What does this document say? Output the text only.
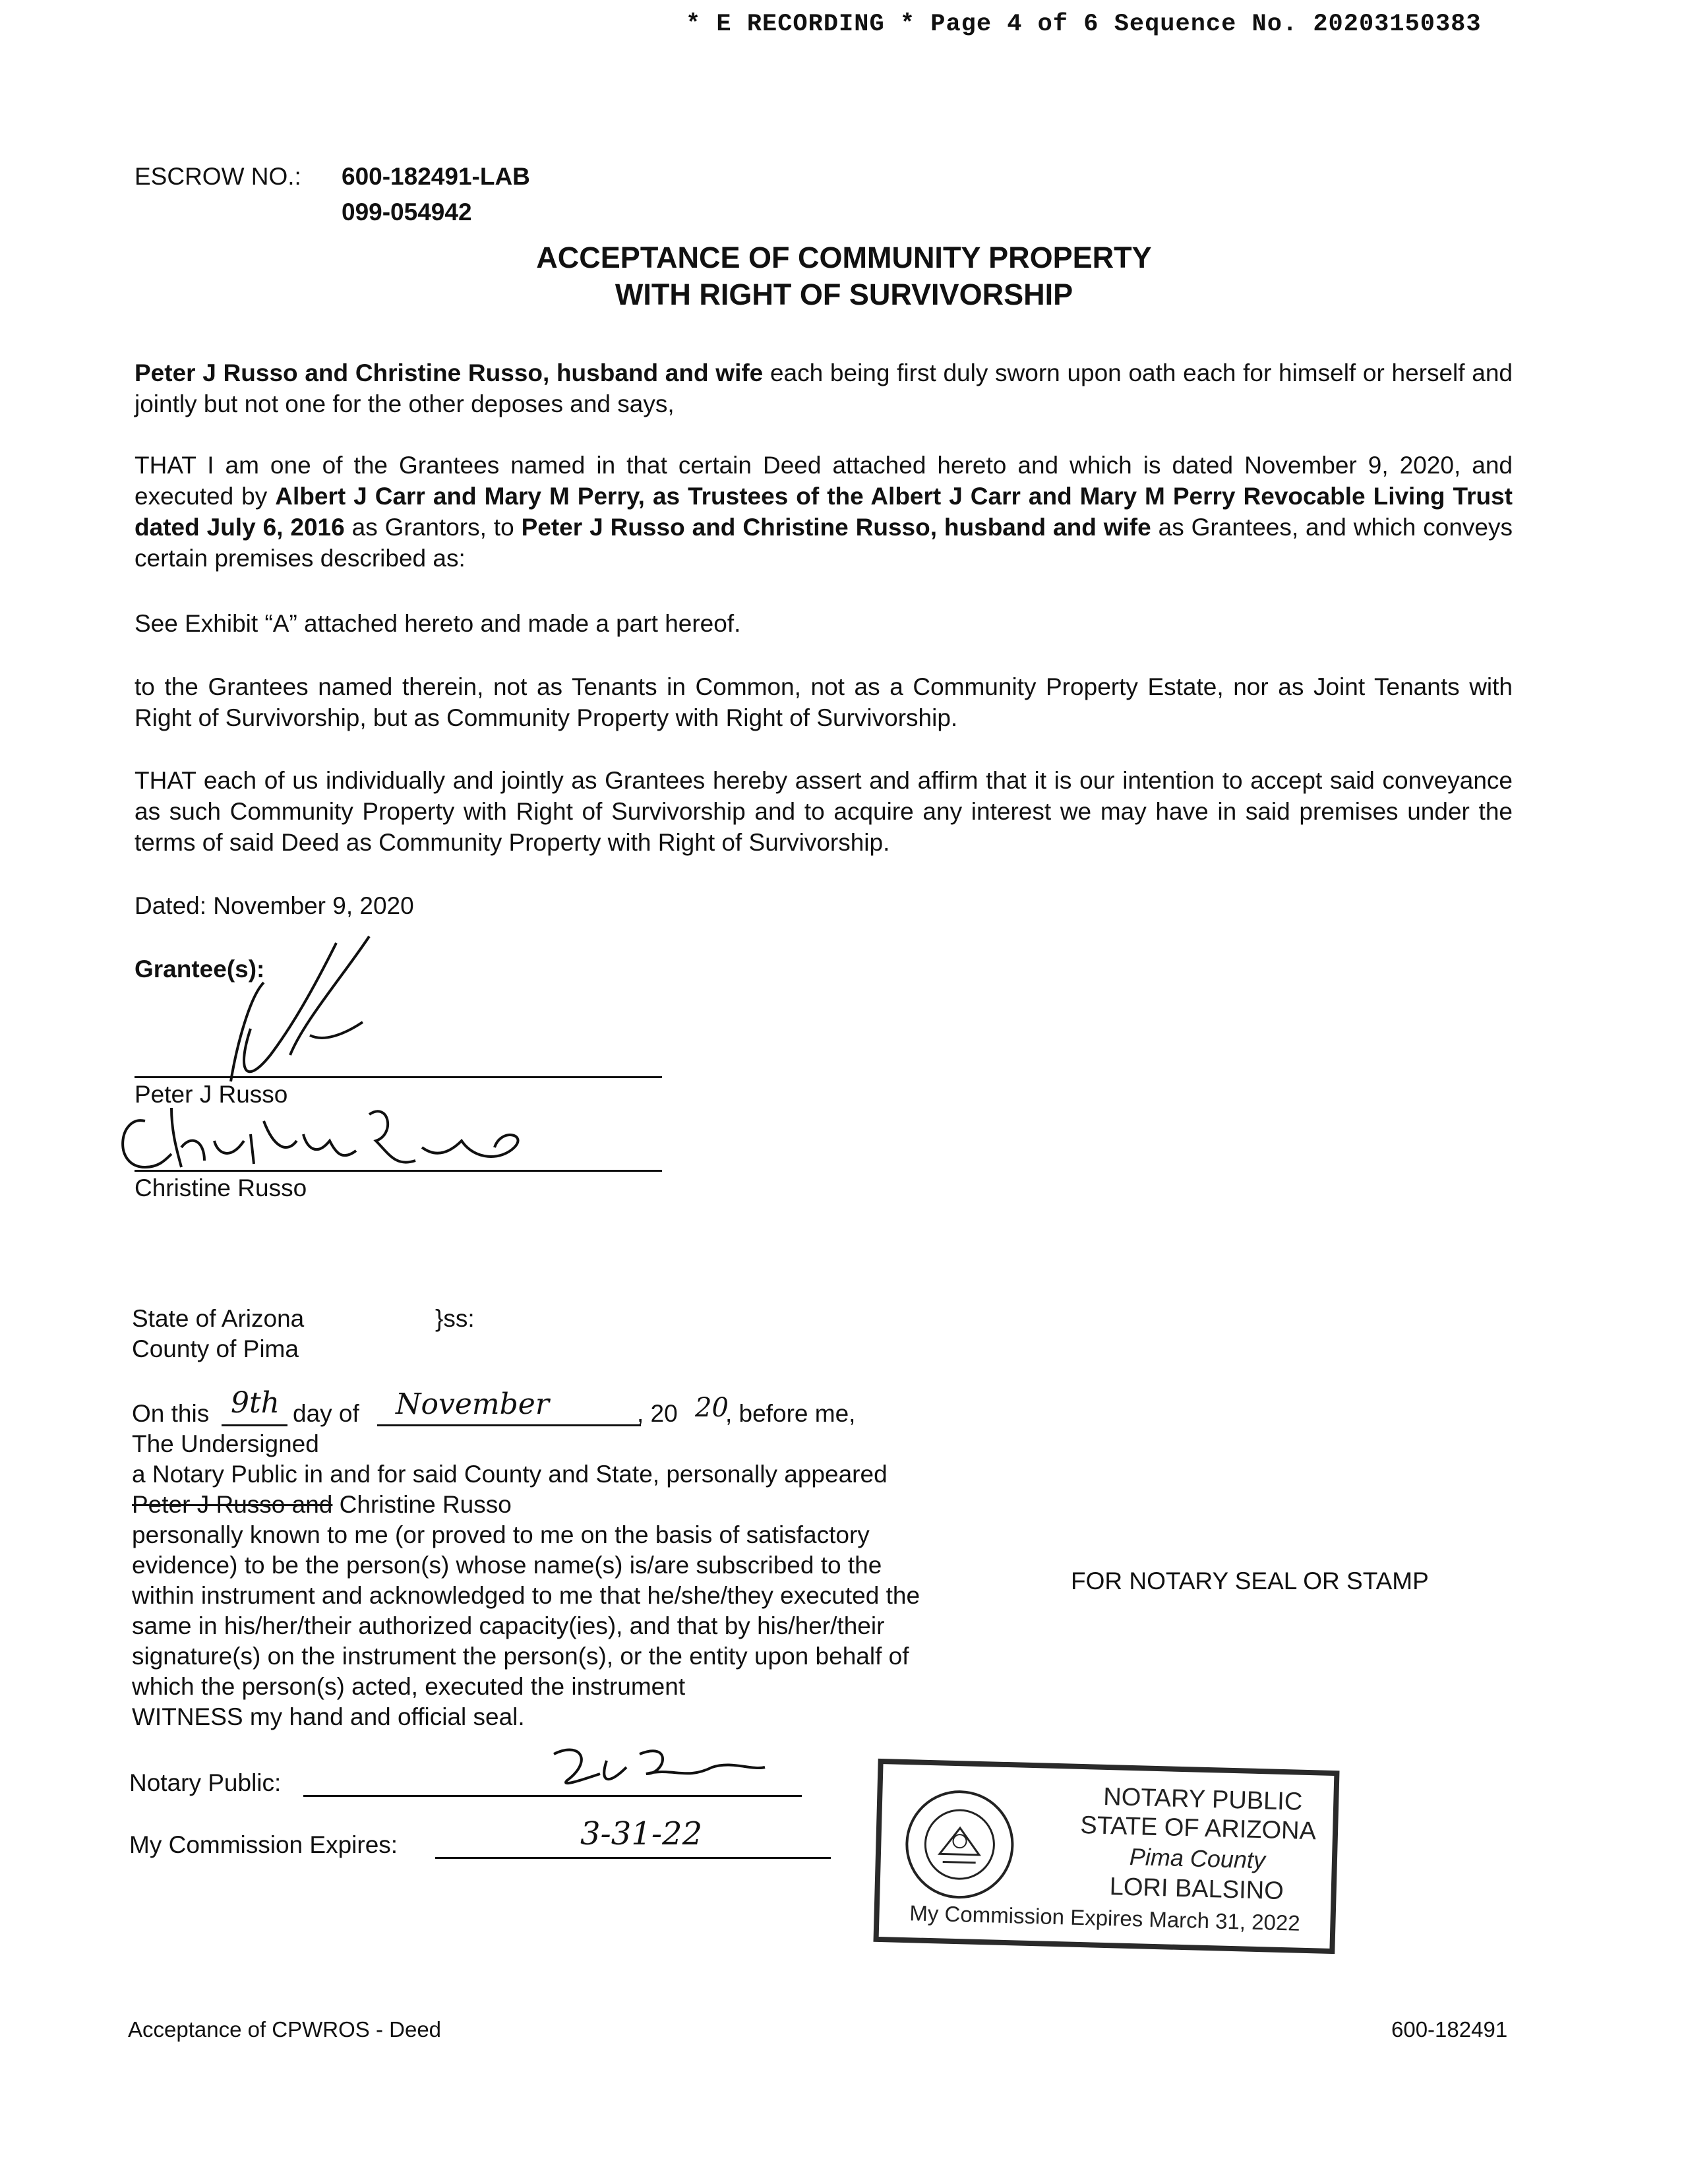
* E RECORDING * Page 4 of 6 Sequence No. 20203150383
ESCROW NO.: 600-182491-LAB
099-054942
ACCEPTANCE OF COMMUNITY PROPERTY
WITH RIGHT OF SURVIVORSHIP
Peter J Russo and Christine Russo, husband and wife each being first duly sworn upon oath each for himself or herself and jointly but not one for the other deposes and says,
THAT I am one of the Grantees named in that certain Deed attached hereto and which is dated November 9, 2020, and executed by Albert J Carr and Mary M Perry, as Trustees of the Albert J Carr and Mary M Perry Revocable Living Trust dated July 6, 2016 as Grantors, to Peter J Russo and Christine Russo, husband and wife as Grantees, and which conveys certain premises described as:
See Exhibit “A” attached hereto and made a part hereof.
to the Grantees named therein, not as Tenants in Common, not as a Community Property Estate, nor as Joint Tenants with Right of Survivorship, but as Community Property with Right of Survivorship.
THAT each of us individually and jointly as Grantees hereby assert and affirm that it is our intention to accept said conveyance as such Community Property with Right of Survivorship and to acquire any interest we may have in said premises under the terms of said Deed as Community Property with Right of Survivorship.
Dated: November 9, 2020
Grantee(s):
Peter J Russo
Christine Russo
State of Arizona	}ss:
County of Pima
On this 9th day of November	, 20 20
, before me,
The Undersigned
a Notary Public in and for said County and State, personally appeared
Peter J Russo and Christine Russo
personally known to me (or proved to me on the basis of satisfactory
evidence) to be the person(s) whose name(s) is/are subscribed to the
within instrument and acknowledged to me that he/she/they executed the
same in his/her/their authorized capacity(ies), and that by his/her/their
signature(s) on the instrument the person(s), or the entity upon behalf of
which the person(s) acted, executed the instrument
WITNESS my hand and official seal.
FOR NOTARY SEAL OR STAMP
Notary Public:
My Commission Expires:	3-31-22
NOTARY PUBLIC
STATE OF ARIZONA
Pima County
LORI BALSINO
My Commission Expires March 31, 2022
Acceptance of CPWROS - Deed	600-182491
